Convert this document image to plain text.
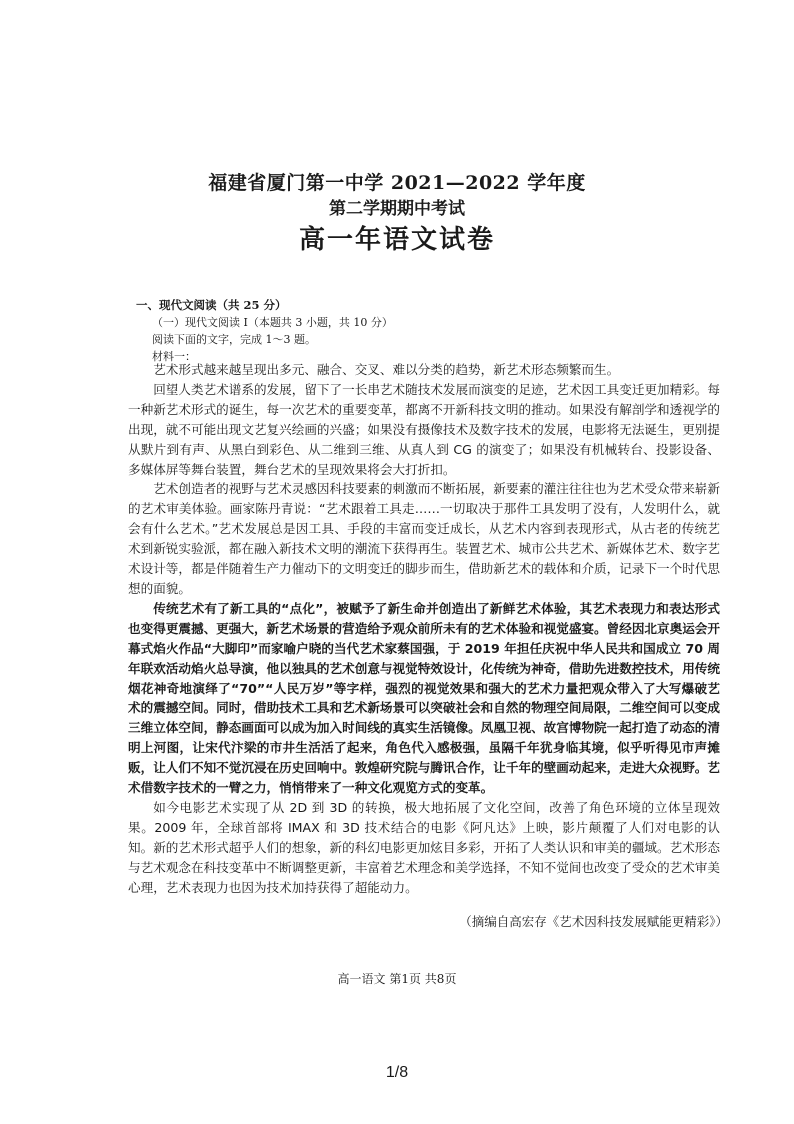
福建省厦门第一中学 2021—2022 学年度
第二学期期中考试
高一年语文试卷
一、现代文阅读（共 25 分）
（一）现代文阅读 I（本题共 3 小题，共 10 分）
阅读下面的文字，完成 1～3 题。
材料一：

艺术形式越来越呈现出多元、融合、交叉、难以分类的趋势，新艺术形态频繁而生。

回望人类艺术谱系的发展，留下了一长串艺术随技术发展而演变的足迹，艺术因工具变迁更加精彩。每一种新艺术形式的诞生，每一次艺术的重要变革，都离不开新科技文明的推动。如果没有解剖学和透视学的出现，就不可能出现文艺复兴绘画的兴盛；如果没有摄像技术及数字技术的发展，电影将无法诞生，更别提从默片到有声、从黑白到彩色、从二维到三维、从真人到 CG 的演变了；如果没有机械转台、投影设备、多媒体屏等舞台装置，舞台艺术的呈现效果将会大打折扣。

艺术创造者的视野与艺术灵感因科技要素的刺激而不断拓展，新要素的灌注往往也为艺术受众带来崭新的艺术审美体验。画家陈丹青说：“艺术跟着工具走……一切取决于那件工具发明了没有，人发明什么，就会有什么艺术。”艺术发展总是因工具、手段的丰富而变迁成长，从艺术内容到表现形式，从古老的传统艺术到新锐实验派，都在融入新技术文明的潮流下获得再生。装置艺术、城市公共艺术、新媒体艺术、数字艺术设计等，都是伴随着生产力催动下的文明变迁的脚步而生，借助新艺术的载体和介质，记录下一个时代思想的面貌。

传统艺术有了新工具的“点化”，被赋予了新生命并创造出了新鲜艺术体验，其艺术表现力和表达形式也变得更震撼、更强大，新艺术场景的营造给予观众前所未有的艺术体验和视觉盛宴。曾经因北京奥运会开幕式焰火作品“大脚印”而家喻户晓的当代艺术家蔡国强，于 2019 年担任庆祝中华人民共和国成立 70 周年联欢活动焰火总导演，他以独具的艺术创意与视觉特效设计，化传统为神奇，借助先进数控技术，用传统烟花神奇地演绎了“70”“人民万岁”等字样，强烈的视觉效果和强大的艺术力量把观众带入了大写爆破艺术的震撼空间。同时，借助技术工具和艺术新场景可以突破社会和自然的物理空间局限，二维空间可以变成三维立体空间，静态画面可以成为加入时间线的真实生活镜像。凤凰卫视、故宫博物院一起打造了动态的清明上河图，让宋代汴梁的市井生活活了起来，角色代入感极强，虽隔千年犹身临其境，似乎听得见市声摊贩，让人们不知不觉沉浸在历史回响中。敦煌研究院与腾讯合作，让千年的壁画动起来，走进大众视野。艺术借数字技术的一臂之力，悄悄带来了一种文化观览方式的变革。

如今电影艺术实现了从 2D 到 3D 的转换，极大地拓展了文化空间，改善了角色环境的立体呈现效果。2009 年，全球首部将 IMAX 和 3D 技术结合的电影《阿凡达》上映，影片颠覆了人们对电影的认知。新的艺术形式超乎人们的想象，新的科幻电影更加炫目多彩，开拓了人类认识和审美的疆域。艺术形态与艺术观念在科技变革中不断调整更新，丰富着艺术理念和美学选择，不知不觉间也改变了受众的艺术审美心理，艺术表现力也因为技术加持获得了超能动力。

（摘编自高宏存《艺术因科技发展赋能更精彩》）
高一语文 第1页 共8页
1/8
